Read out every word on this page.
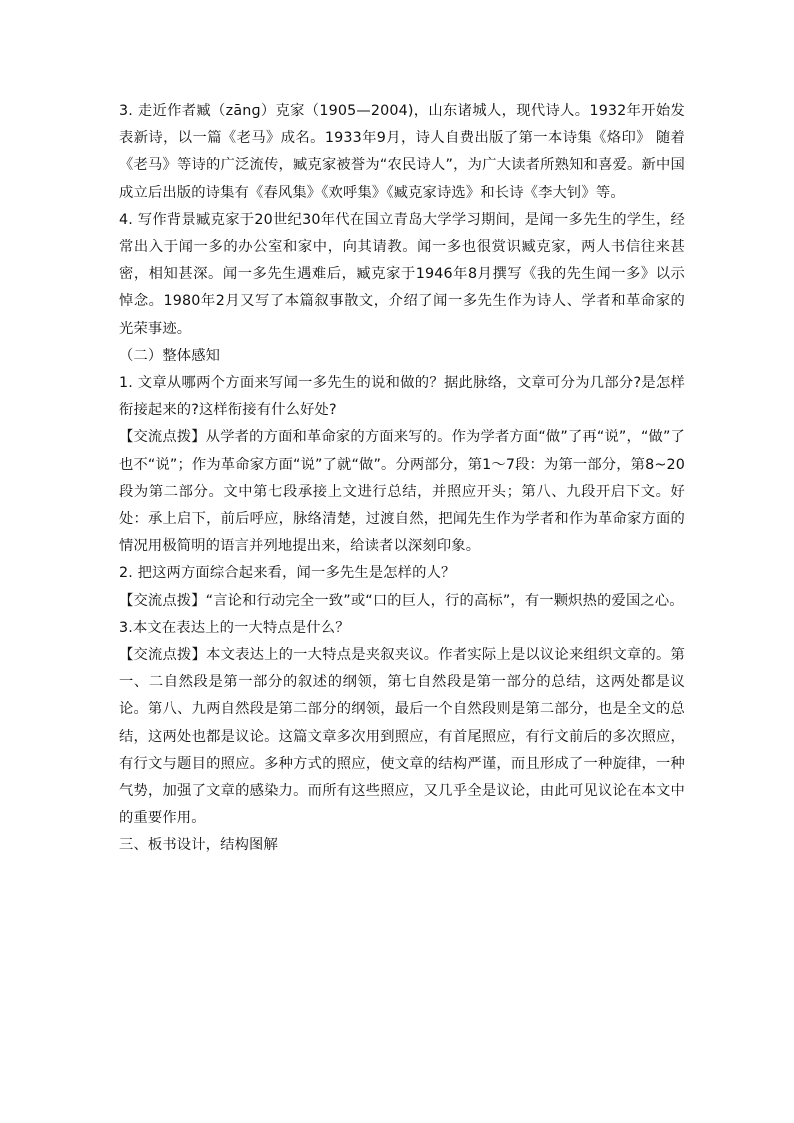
3. 走近作者臧（zānɡ）克家（1905—2004)，山东诸城人，现代诗人。1932年开始发表新诗，以一篇《老马》成名。1933年9月，诗人自费出版了第一本诗集《烙印》 随着《老马》等诗的广泛流传，臧克家被誉为“农民诗人”，为广大读者所熟知和喜爱。新中国成立后出版的诗集有《春风集》《欢呼集》《臧克家诗选》和长诗《李大钊》等。

4. 写作背景臧克家于20世纪30年代在国立青岛大学学习期间，是闻一多先生的学生，经常出入于闻一多的办公室和家中，向其请教。闻一多也很赏识臧克家，两人书信往来甚密，相知甚深。闻一多先生遇难后，臧克家于1946年8月撰写《我的先生闻一多》以示悼念。1980年2月又写了本篇叙事散文，介绍了闻一多先生作为诗人、学者和革命家的光荣事迹。

（二）整体感知

1. 文章从哪两个方面来写闻一多先生的说和做的？据此脉络，文章可分为几部分?是怎样衔接起来的?这样衔接有什么好处?

【交流点拨】从学者的方面和革命家的方面来写的。作为学者方面“做”了再“说”，“做”了也不“说”；作为革命家方面“说”了就“做”。分两部分，第1～7段：为第一部分，第8~20段为第二部分。文中第七段承接上文进行总结，并照应开头；第八、九段开启下文。好处：承上启下，前后呼应，脉络清楚，过渡自然，把闻先生作为学者和作为革命家方面的情况用极简明的语言并列地提出来，给读者以深刻印象。

2. 把这两方面综合起来看，闻一多先生是怎样的人？

【交流点拨】“言论和行动完全一致”或“口的巨人，行的高标”，有一颗炽热的爱国之心。

3.本文在表达上的一大特点是什么？

【交流点拨】本文表达上的一大特点是夹叙夹议。作者实际上是以议论来组织文章的。第一、二自然段是第一部分的叙述的纲领，第七自然段是第一部分的总结，这两处都是议论。第八、九两自然段是第二部分的纲领，最后一个自然段则是第二部分，也是全文的总结，这两处也都是议论。这篇文章多次用到照应，有首尾照应，有行文前后的多次照应，有行文与题目的照应。多种方式的照应，使文章的结构严谨，而且形成了一种旋律，一种气势，加强了文章的感染力。而所有这些照应，又几乎全是议论，由此可见议论在本文中的重要作用。

三、板书设计，结构图解
